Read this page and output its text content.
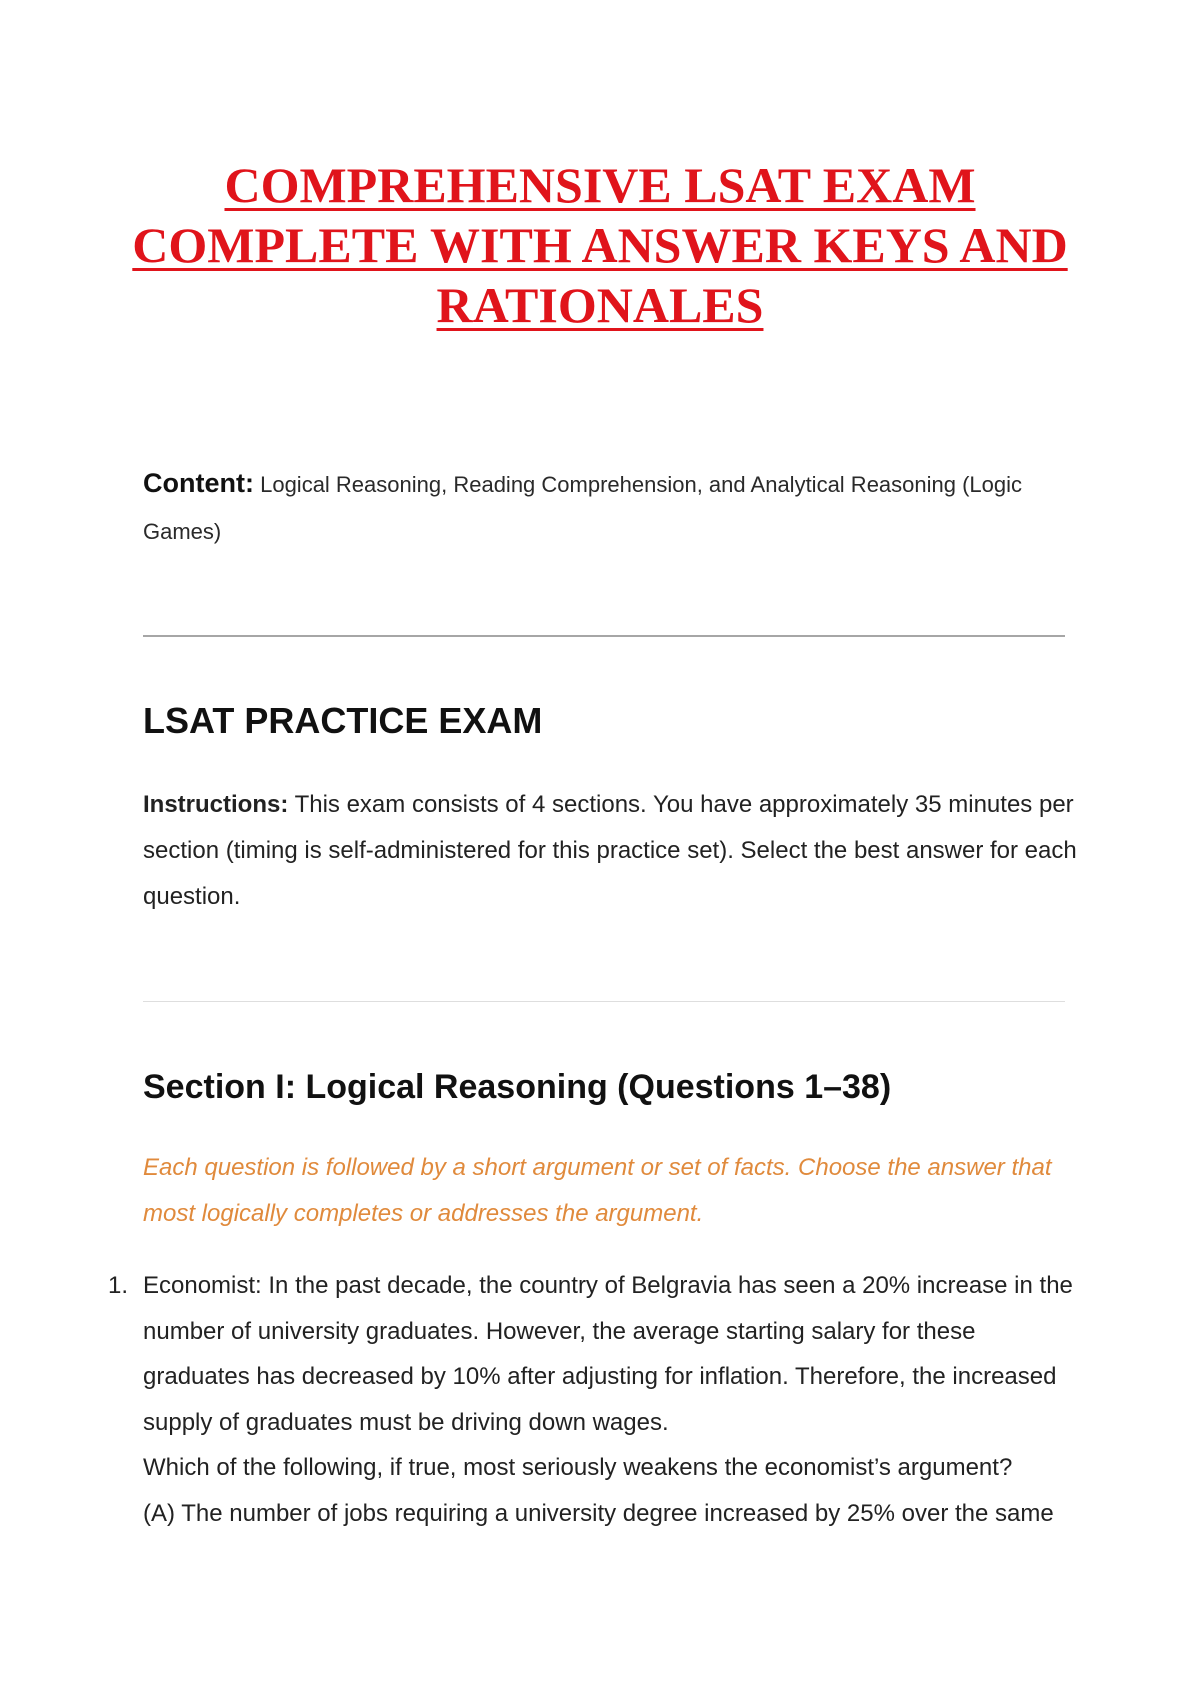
COMPREHENSIVE LSAT EXAM
COMPLETE WITH ANSWER KEYS AND
RATIONALES

Content: Logical Reasoning, Reading Comprehension, and Analytical Reasoning (Logic Games)

LSAT PRACTICE EXAM

Instructions: This exam consists of 4 sections. You have approximately 35 minutes per section (timing is self-administered for this practice set). Select the best answer for each question.

Section I: Logical Reasoning (Questions 1–38)

Each question is followed by a short argument or set of facts. Choose the answer that most logically completes or addresses the argument.

1. Economist: In the past decade, the country of Belgravia has seen a 20% increase in the number of university graduates. However, the average starting salary for these graduates has decreased by 10% after adjusting for inflation. Therefore, the increased supply of graduates must be driving down wages.
Which of the following, if true, most seriously weakens the economist’s argument?
(A) The number of jobs requiring a university degree increased by 25% over the same
